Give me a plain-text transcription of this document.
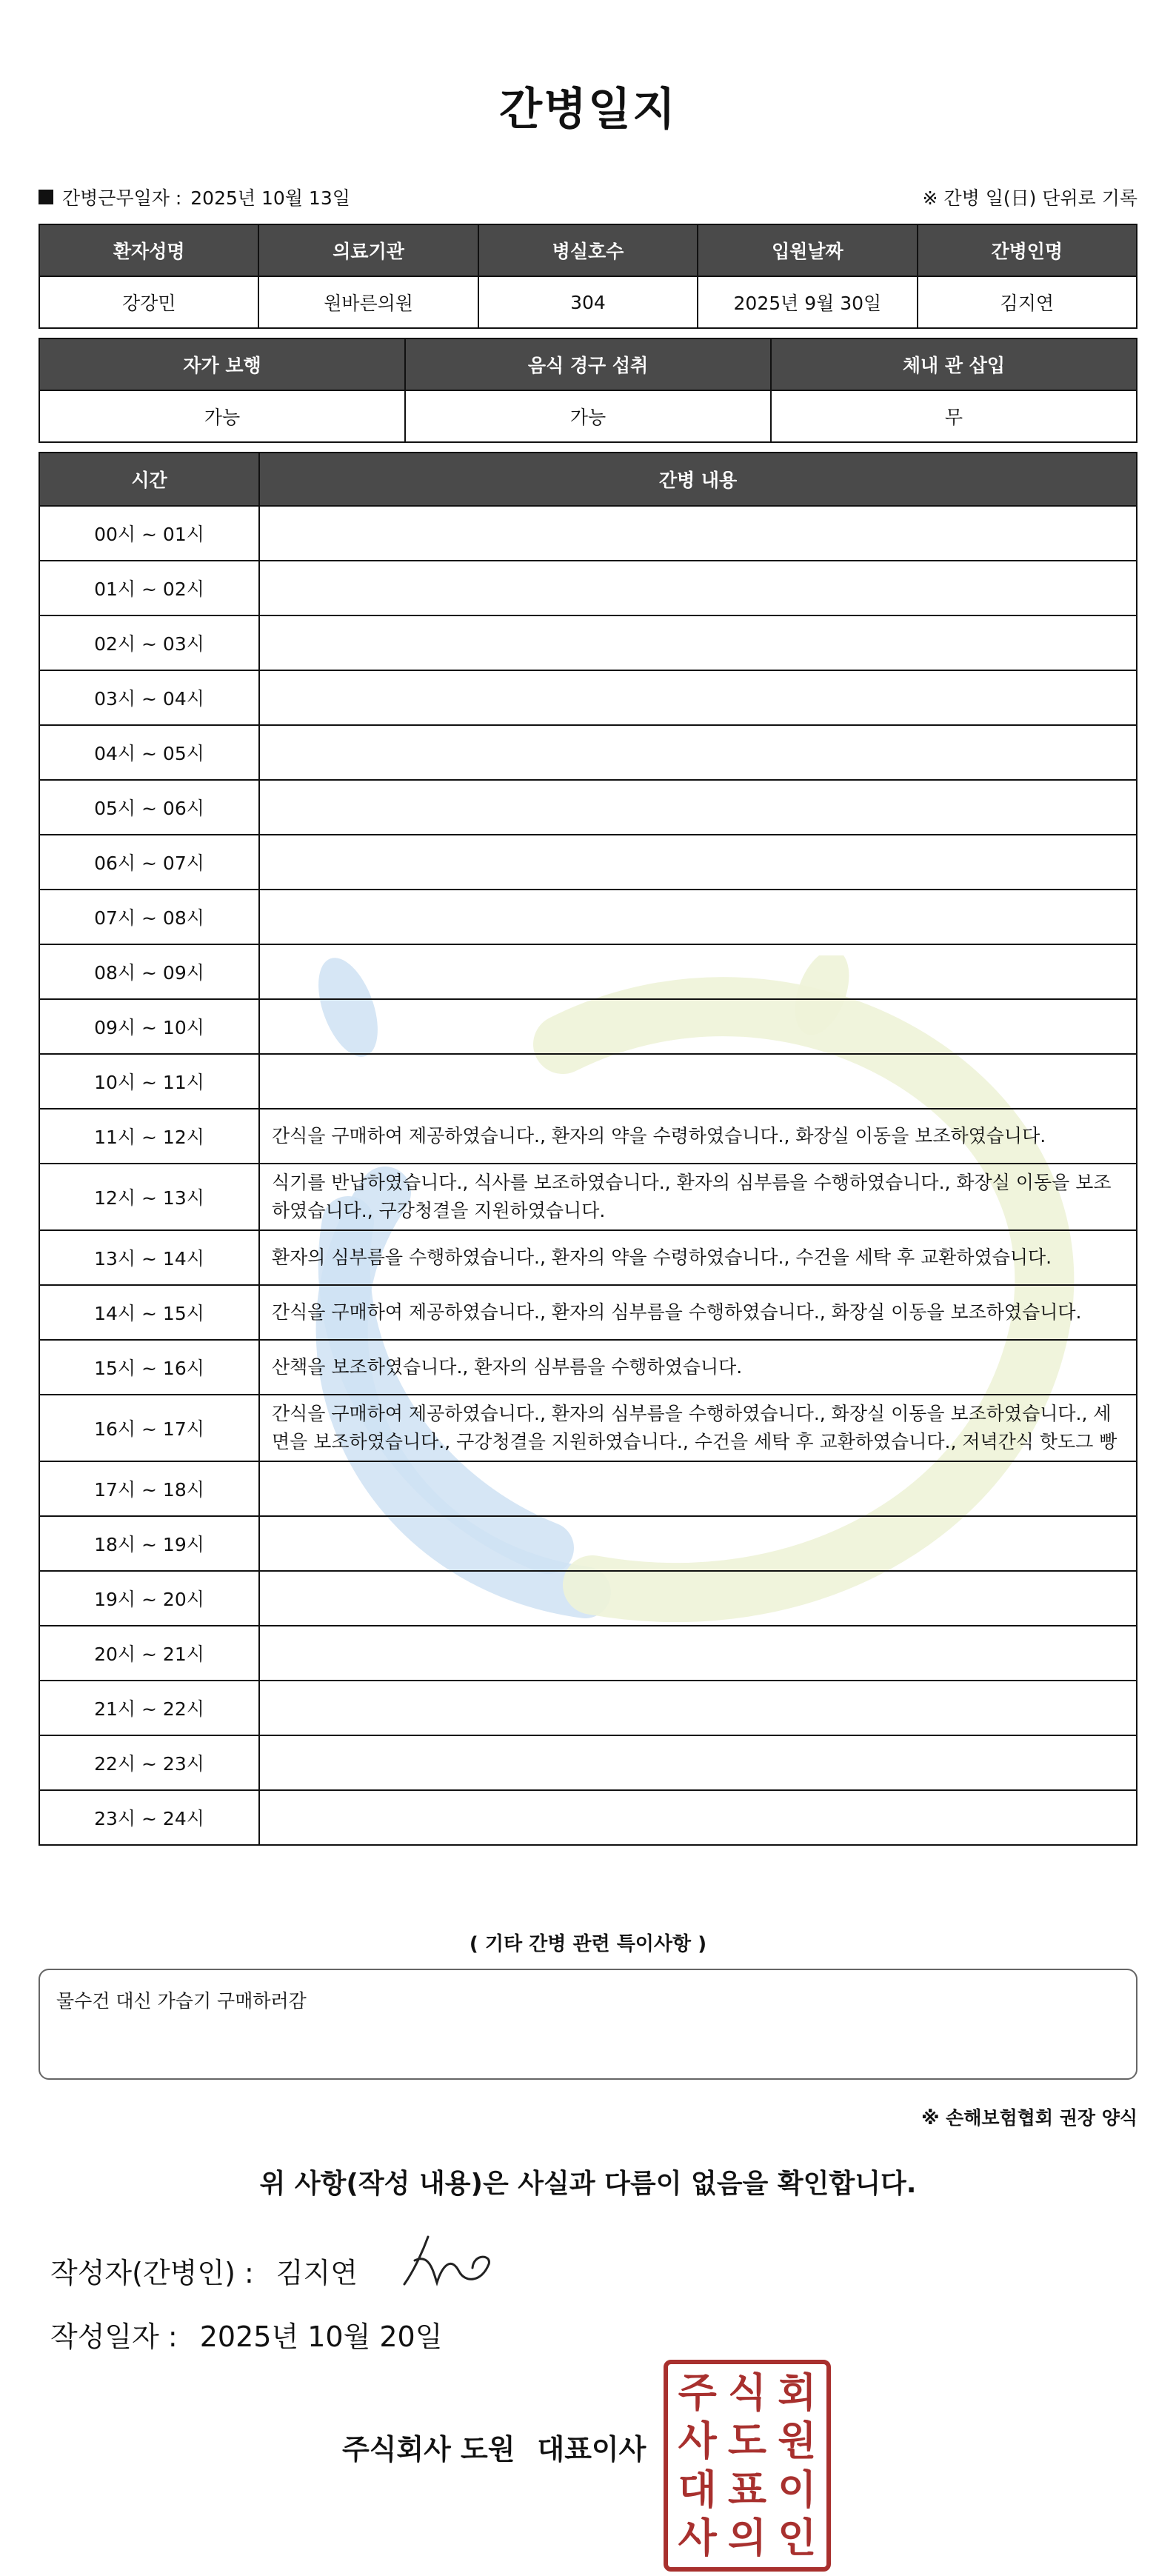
간병일지
간병근무일자 : 2025년 10월 13일	※ 간병 일(日) 단위로 기록
환자성명	의료기관	병실호수	입원날짜	간병인명
강강민	원바른의원	304	2025년 9월 30일	김지연
자가 보행	음식 경구 섭취	체내 관 삽입
가능	가능	무
시간	간병 내용
00시 ~ 01시	
01시 ~ 02시	
02시 ~ 03시	
03시 ~ 04시	
04시 ~ 05시	
05시 ~ 06시	
06시 ~ 07시	
07시 ~ 08시	
08시 ~ 09시	
09시 ~ 10시	
10시 ~ 11시	
11시 ~ 12시	간식을 구매하여 제공하였습니다., 환자의 약을 수령하였습니다., 화장실 이동을 보조하였습니다.
12시 ~ 13시	식기를 반납하였습니다., 식사를 보조하였습니다., 환자의 심부름을 수행하였습니다., 화장실 이동을 보조하였습니다., 구강청결을 지원하였습니다.
13시 ~ 14시	환자의 심부름을 수행하였습니다., 환자의 약을 수령하였습니다., 수건을 세탁 후 교환하였습니다.
14시 ~ 15시	간식을 구매하여 제공하였습니다., 환자의 심부름을 수행하였습니다., 화장실 이동을 보조하였습니다.
15시 ~ 16시	산책을 보조하였습니다., 환자의 심부름을 수행하였습니다.
16시 ~ 17시	간식을 구매하여 제공하였습니다., 환자의 심부름을 수행하였습니다., 화장실 이동을 보조하였습니다., 세면을 보조하였습니다., 구강청결을 지원하였습니다., 수건을 세탁 후 교환하였습니다., 저녁간식 핫도그 빵
17시 ~ 18시	
18시 ~ 19시	
19시 ~ 20시	
20시 ~ 21시	
21시 ~ 22시	
22시 ~ 23시	
23시 ~ 24시	
( 기타 간병 관련 특이사항 )
물수건 대신 가습기 구매하러감
※ 손해보험협회 권장 양식
위 사항(작성 내용)은 사실과 다름이 없음을 확인합니다.
작성자(간병인) : 김지연
작성일자 : 2025년 10월 20일
주식회사 도원 대표이사
주 식 회
사 도 원
대 표 이
사 의 인
